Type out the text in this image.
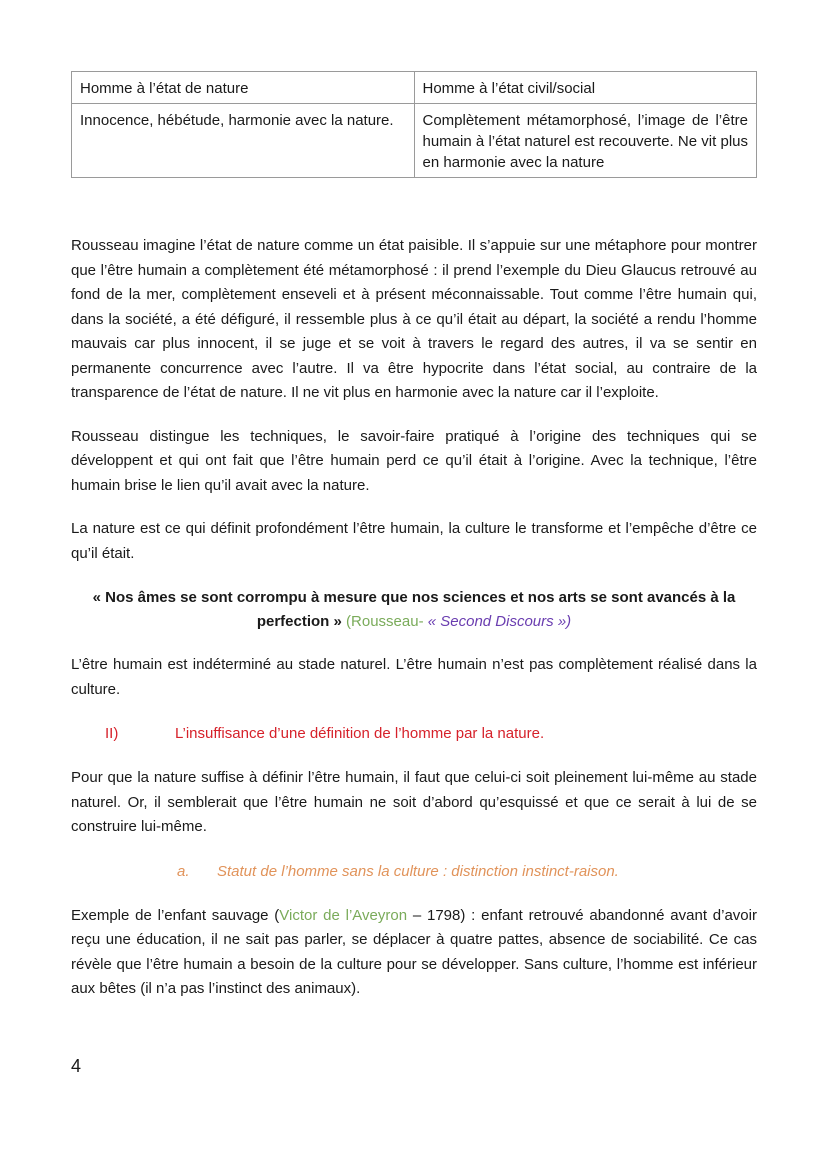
Homme à l’état de nature	Homme à l’état civil/social
Innocence, hébétude, harmonie avec la nature.	Complètement métamorphosé, l’image de l’être humain à l’état naturel est recouverte. Ne vit plus en harmonie avec la nature

Rousseau imagine l’état de nature comme un état paisible. Il s’appuie sur une métaphore pour montrer que l’être humain a complètement été métamorphosé : il prend l’exemple du Dieu Glaucus retrouvé au fond de la mer, complètement enseveli et à présent méconnaissable. Tout comme l’être humain qui, dans la société, a été défiguré, il ressemble plus à ce qu’il était au départ, la société a rendu l’homme mauvais car plus innocent, il se juge et se voit à travers le regard des autres, il va se sentir en permanente concurrence avec l’autre. Il va être hypocrite dans l’état social, au contraire de la transparence de l’état de nature. Il ne vit plus en harmonie avec la nature car il l’exploite.

Rousseau distingue les techniques, le savoir-faire pratiqué à l’origine des techniques qui se développent et qui ont fait que l’être humain perd ce qu’il était à l’origine. Avec la technique, l’être humain brise le lien qu’il avait avec la nature.

La nature est ce qui définit profondément l’être humain, la culture le transforme et l’empêche d’être ce qu’il était.

« Nos âmes se sont corrompu à mesure que nos sciences et nos arts se sont avancés à la perfection » (Rousseau- « Second Discours »)

L’être humain est indéterminé au stade naturel. L’être humain n’est pas complètement réalisé dans la culture.

II)	L’insuffisance d’une définition de l’homme par la nature.

Pour que la nature suffise à définir l’être humain, il faut que celui-ci soit pleinement lui-même au stade naturel. Or, il semblerait que l’être humain ne soit d’abord qu’esquissé et que ce serait à lui de se construire lui-même.

a.	Statut de l’homme sans la culture : distinction instinct-raison.

Exemple de l’enfant sauvage (Victor de l’Aveyron – 1798) : enfant retrouvé abandonné avant d’avoir reçu une éducation, il ne sait pas parler, se déplacer à quatre pattes, absence de sociabilité. Ce cas révèle que l’être humain a besoin de la culture pour se développer. Sans culture, l’homme est inférieur aux bêtes (il n’a pas l’instinct des animaux).

4
